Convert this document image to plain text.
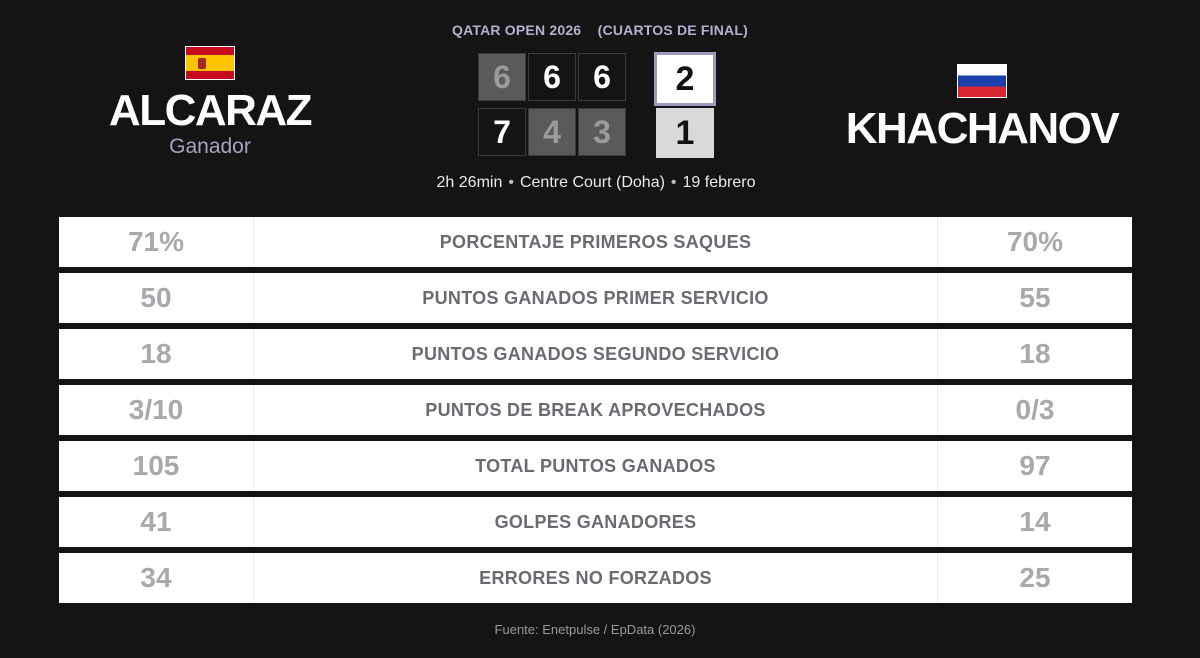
QATAR OPEN 2026    (CUARTOS DE FINAL)
ALCARAZ
Ganador	KHACHANOV
6	6	6
7	4	3
2
1
2h 26min • Centre Court (Doha) • 19 febrero
71%	PORCENTAJE PRIMEROS SAQUES	70%
50	PUNTOS GANADOS PRIMER SERVICIO	55
18	PUNTOS GANADOS SEGUNDO SERVICIO	18
3/10	PUNTOS DE BREAK APROVECHADOS	0/3
105	TOTAL PUNTOS GANADOS	97
41	GOLPES GANADORES	14
34	ERRORES NO FORZADOS	25
Fuente: Enetpulse / EpData (2026)
